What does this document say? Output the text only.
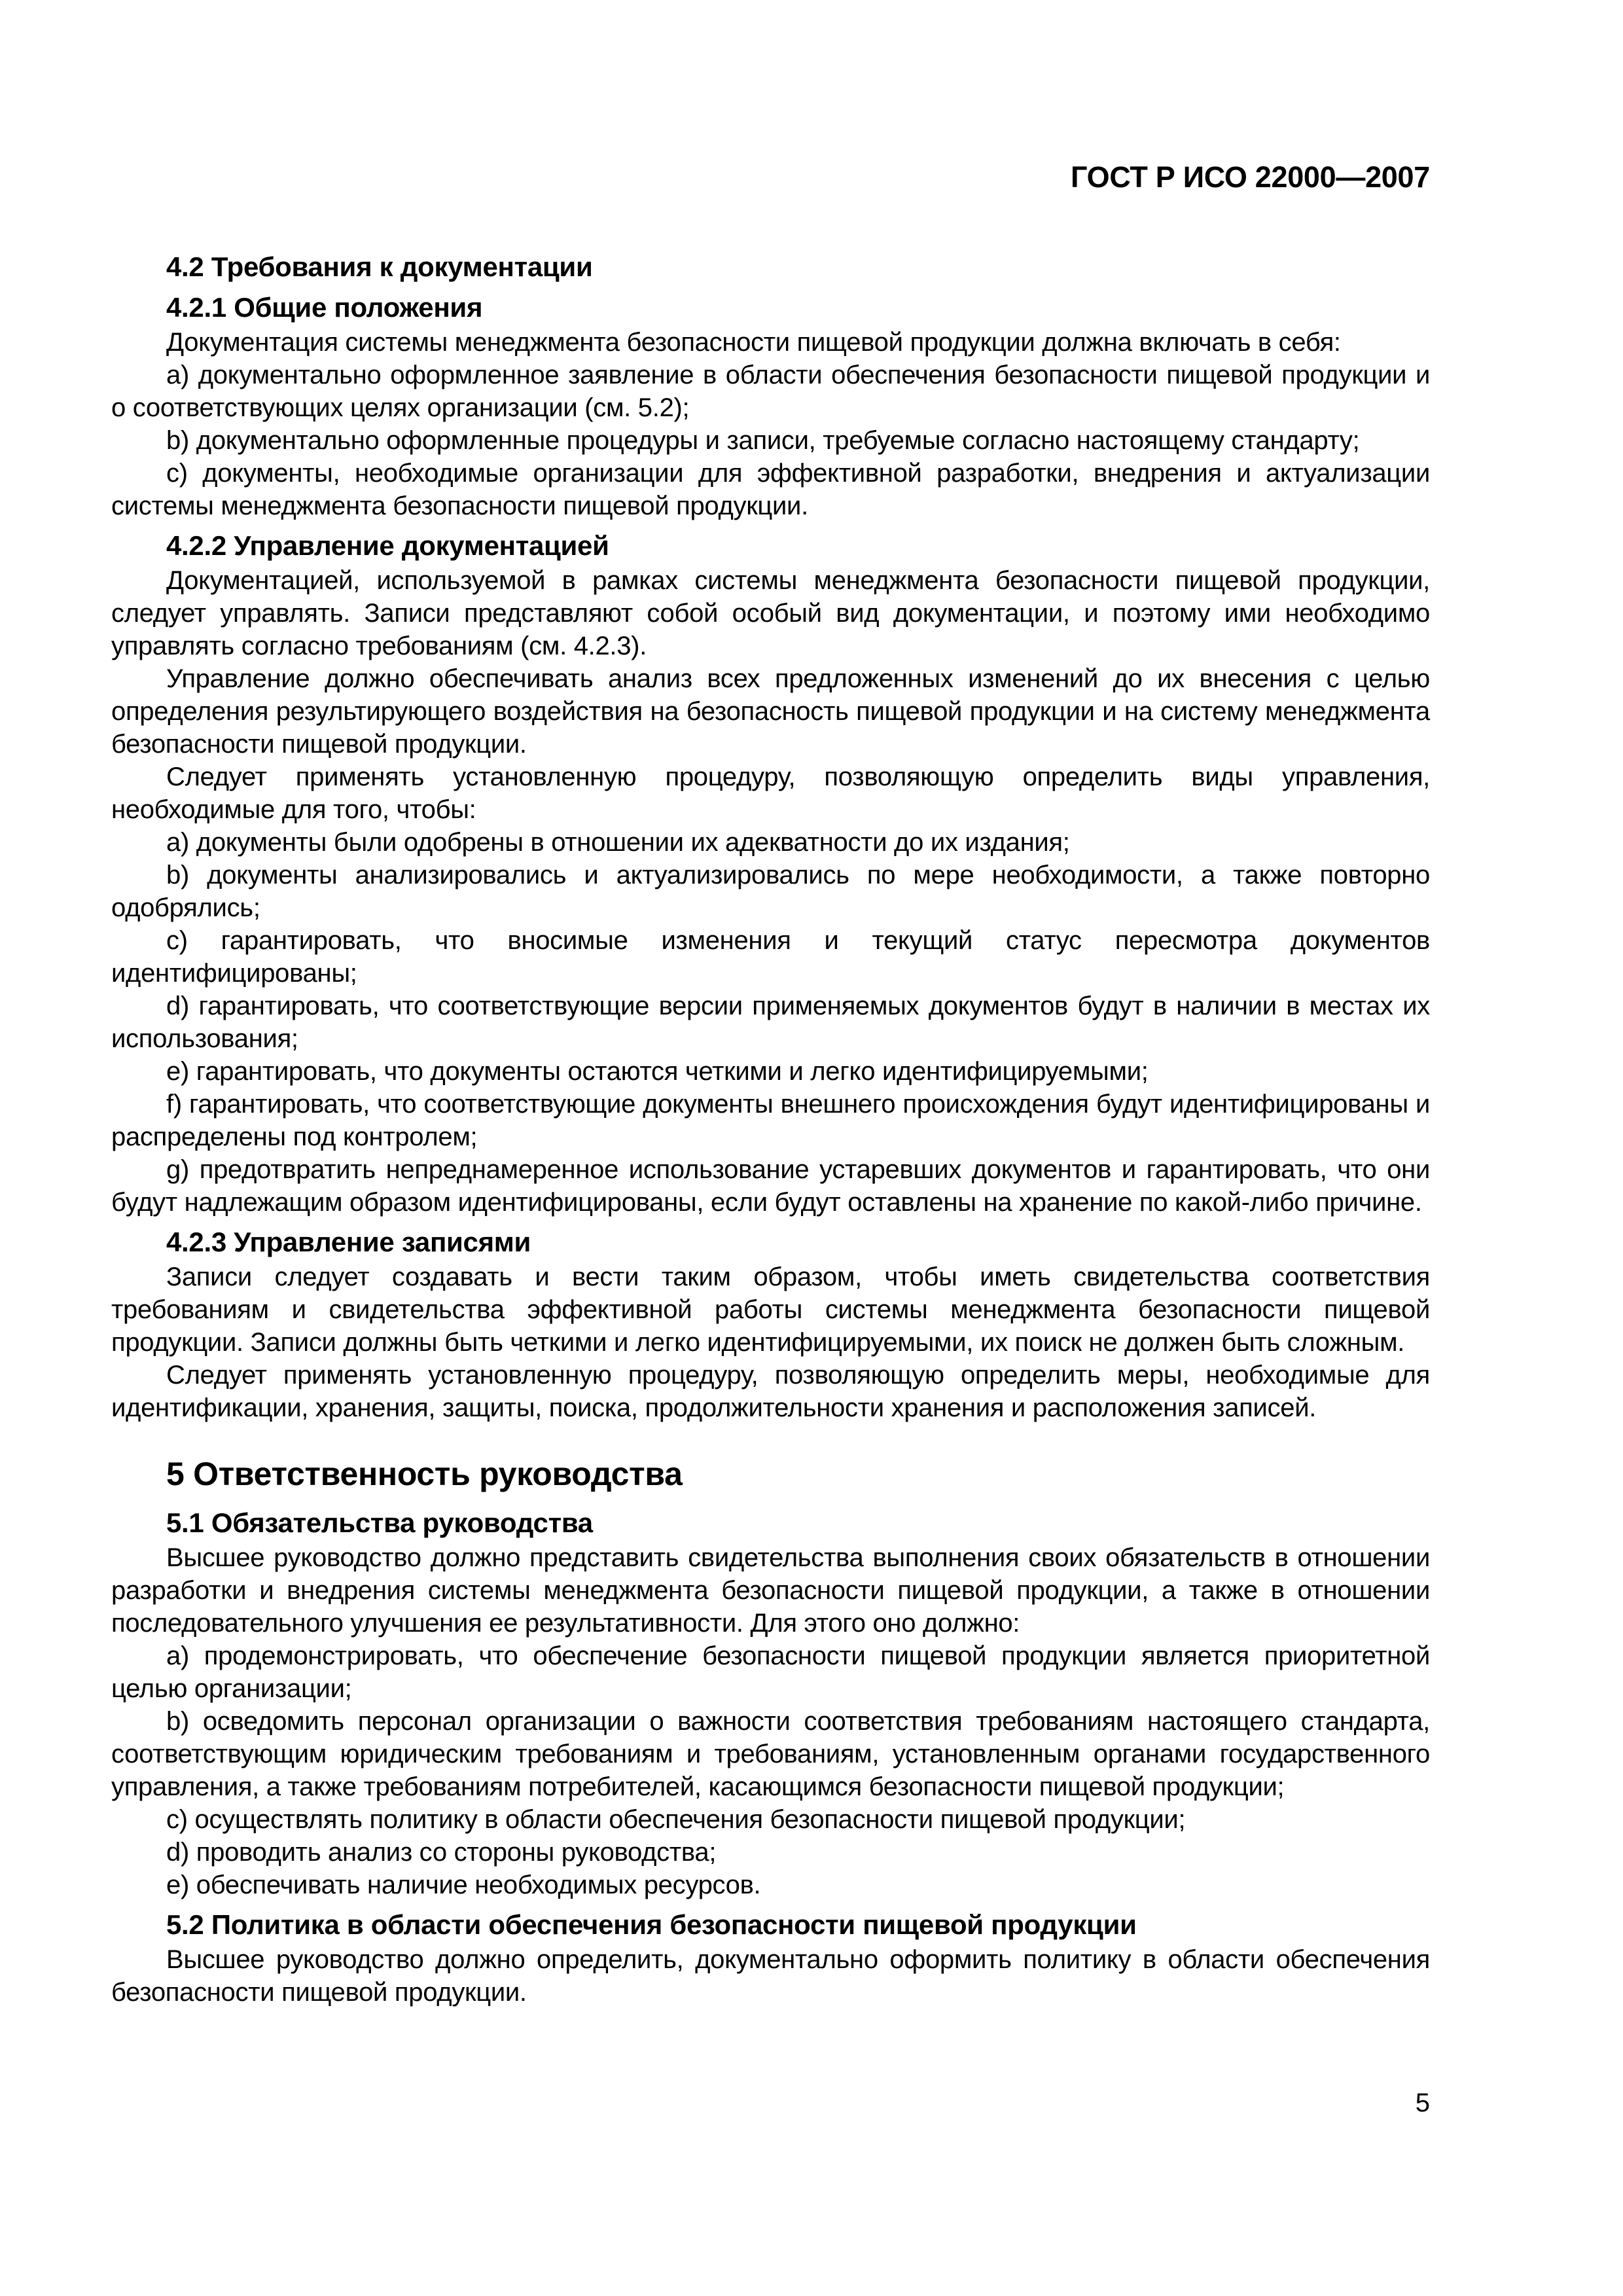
ГОСТ Р ИСО 22000—2007
4.2 Требования к документации
4.2.1 Общие положения

Документация системы менеджмента безопасности пищевой продукции должна включать в себя:

a) документально оформленное заявление в области обеспечения безопасности пищевой продукции и о соответствующих целях организации (см. 5.2);

b) документально оформленные процедуры и записи, требуемые согласно настоящему стандарту;

c) документы, необходимые организации для эффективной разработки, внедрения и актуализации системы менеджмента безопасности пищевой продукции.

4.2.2 Управление документацией

Документацией, используемой в рамках системы менеджмента безопасности пищевой продукции, следует управлять. Записи представляют собой особый вид документации, и поэтому ими необходимо управлять согласно требованиям (см. 4.2.3).

Управление должно обеспечивать анализ всех предложенных изменений до их внесения с целью определения результирующего воздействия на безопасность пищевой продукции и на систему менеджмента безопасности пищевой продукции.

Следует применять установленную процедуру, позволяющую определить виды управления, необходимые для того, чтобы:

a) документы были одобрены в отношении их адекватности до их издания;

b) документы анализировались и актуализировались по мере необходимости, а также повторно одобрялись;

c) гарантировать, что вносимые изменения и текущий статус пересмотра документов идентифицированы;

d) гарантировать, что соответствующие версии применяемых документов будут в наличии в местах их использования;

e) гарантировать, что документы остаются четкими и легко идентифицируемыми;

f) гарантировать, что соответствующие документы внешнего происхождения будут идентифицированы и распределены под контролем;

g) предотвратить непреднамеренное использование устаревших документов и гарантировать, что они будут надлежащим образом идентифицированы, если будут оставлены на хранение по какой-либо причине.

4.2.3 Управление записями

Записи следует создавать и вести таким образом, чтобы иметь свидетельства соответствия требованиям и свидетельства эффективной работы системы менеджмента безопасности пищевой продукции. Записи должны быть четкими и легко идентифицируемыми, их поиск не должен быть сложным.

Следует применять установленную процедуру, позволяющую определить меры, необходимые для идентификации, хранения, защиты, поиска, продолжительности хранения и расположения записей.

5 Ответственность руководства
5.1 Обязательства руководства

Высшее руководство должно представить свидетельства выполнения своих обязательств в отношении разработки и внедрения системы менеджмента безопасности пищевой продукции, а также в отношении последовательного улучшения ее результативности. Для этого оно должно:

a) продемонстрировать, что обеспечение безопасности пищевой продукции является приоритетной целью организации;

b) осведомить персонал организации о важности соответствия требованиям настоящего стандарта, соответствующим юридическим требованиям и требованиям, установленным органами государственного управления, а также требованиям потребителей, касающимся безопасности пищевой продукции;

c) осуществлять политику в области обеспечения безопасности пищевой продукции;

d) проводить анализ со стороны руководства;

e) обеспечивать наличие необходимых ресурсов.

5.2 Политика в области обеспечения безопасности пищевой продукции

Высшее руководство должно определить, документально оформить политику в области обеспечения безопасности пищевой продукции.

5
